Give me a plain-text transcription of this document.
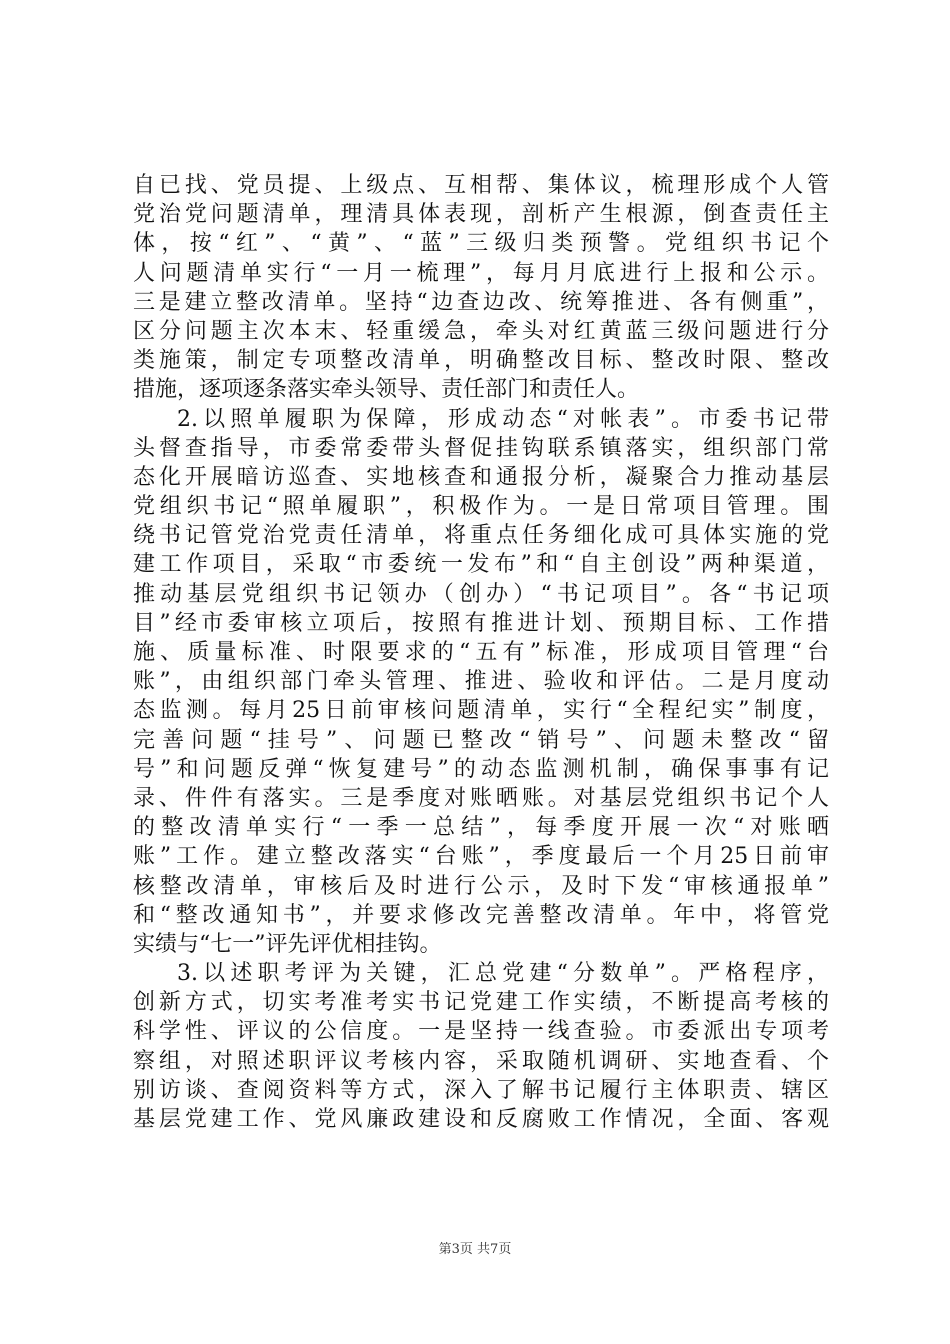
自已找、党员提、上级点、互相帮、集体议，梳理形成个人管
党治党问题清单，理清具体表现，剖析产生根源，倒查责任主
体，按“红”、“黄”、“蓝”三级归类预警。党组织书记个
人问题清单实行“一月一梳理”，每月月底进行上报和公示。
三是建立整改清单。坚持“边查边改、统筹推进、各有侧重”，
区分问题主次本末、轻重缓急，牵头对红黄蓝三级问题进行分
类施策，制定专项整改清单，明确整改目标、整改时限、整改
措施，逐项逐条落实牵头领导、责任部门和责任人。
2.以照单履职为保障，形成动态“对帐表”。市委书记带
头督查指导，市委常委带头督促挂钩联系镇落实，组织部门常
态化开展暗访巡查、实地核查和通报分析，凝聚合力推动基层
党组织书记“照单履职”，积极作为。一是日常项目管理。围
绕书记管党治党责任清单，将重点任务细化成可具体实施的党
建工作项目，采取“市委统一发布”和“自主创设”两种渠道，
推动基层党组织书记领办（创办）“书记项目”。各“书记项
目”经市委审核立项后，按照有推进计划、预期目标、工作措
施、质量标准、时限要求的“五有”标准，形成项目管理“台
账”，由组织部门牵头管理、推进、验收和评估。二是月度动
态监测。每月25日前审核问题清单，实行“全程纪实”制度，
完善问题“挂号”、问题已整改“销号”、问题未整改“留
号”和问题反弹“恢复建号”的动态监测机制，确保事事有记
录、件件有落实。三是季度对账晒账。对基层党组织书记个人
的整改清单实行“一季一总结”，每季度开展一次“对账晒
账”工作。建立整改落实“台账”，季度最后一个月25日前审
核整改清单，审核后及时进行公示，及时下发“审核通报单”
和“整改通知书”，并要求修改完善整改清单。年中，将管党
实绩与“七一”评先评优相挂钩。
3.以述职考评为关键，汇总党建“分数单”。严格程序，
创新方式，切实考准考实书记党建工作实绩，不断提高考核的
科学性、评议的公信度。一是坚持一线查验。市委派出专项考
察组，对照述职评议考核内容，采取随机调研、实地查看、个
别访谈、查阅资料等方式，深入了解书记履行主体职责、辖区
基层党建工作、党风廉政建设和反腐败工作情况，全面、客观
第3页 共7页
